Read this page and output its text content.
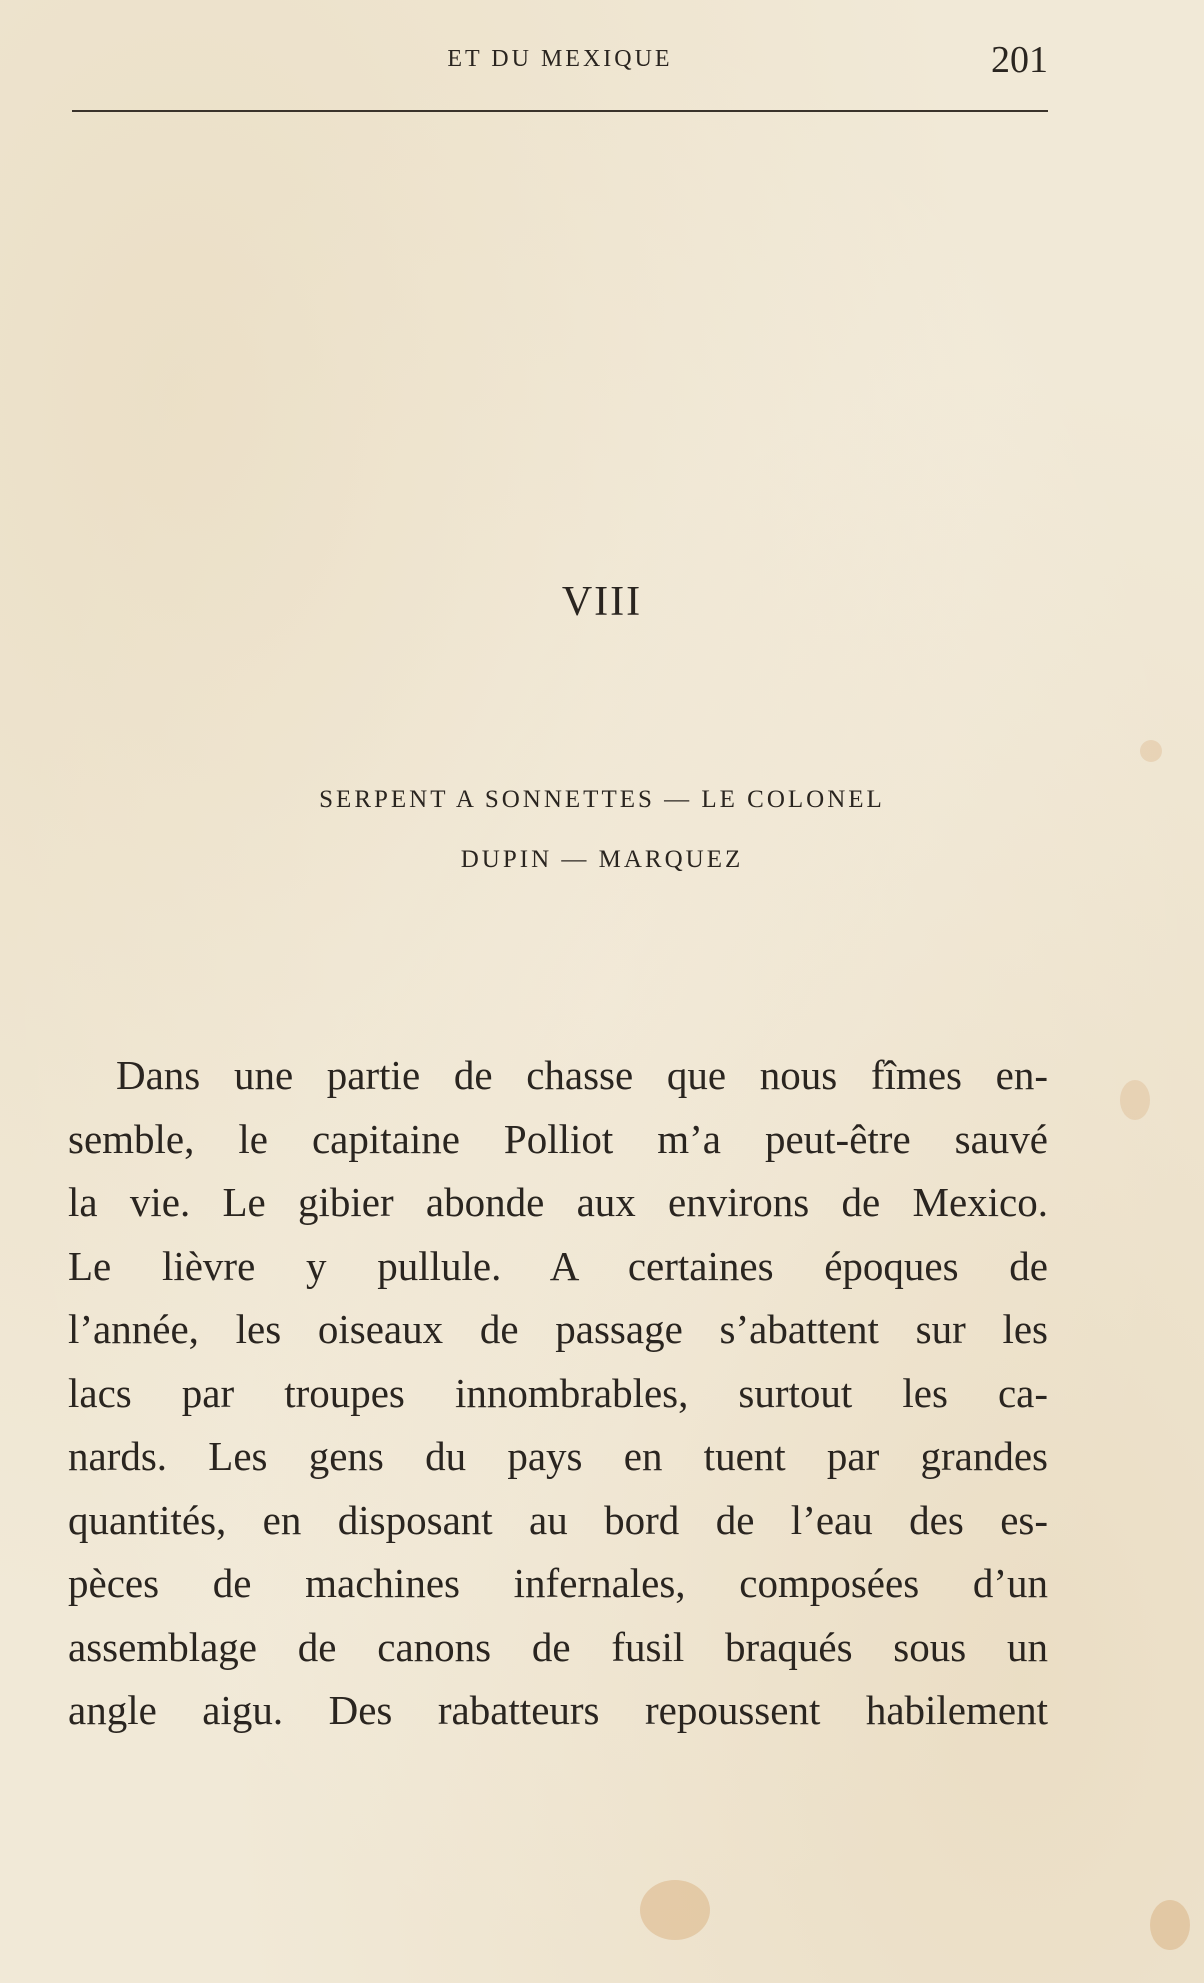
ET DU MEXIQUE	201
VIII
SERPENT A SONNETTES — LE COLONEL
DUPIN — MARQUEZ
Dans une partie de chasse que nous fîmes en-
semble, le capitaine Polliot m’a peut-être sauvé
la vie. Le gibier abonde aux environs de Mexico.
Le lièvre y pullule. A certaines époques de
l’année, les oiseaux de passage s’abattent sur les
lacs par troupes innombrables, surtout les ca-
nards. Les gens du pays en tuent par grandes
quantités, en disposant au bord de l’eau des es-
pèces de machines infernales, composées d’un
assemblage de canons de fusil braqués sous un
angle aigu. Des rabatteurs repoussent habilement
